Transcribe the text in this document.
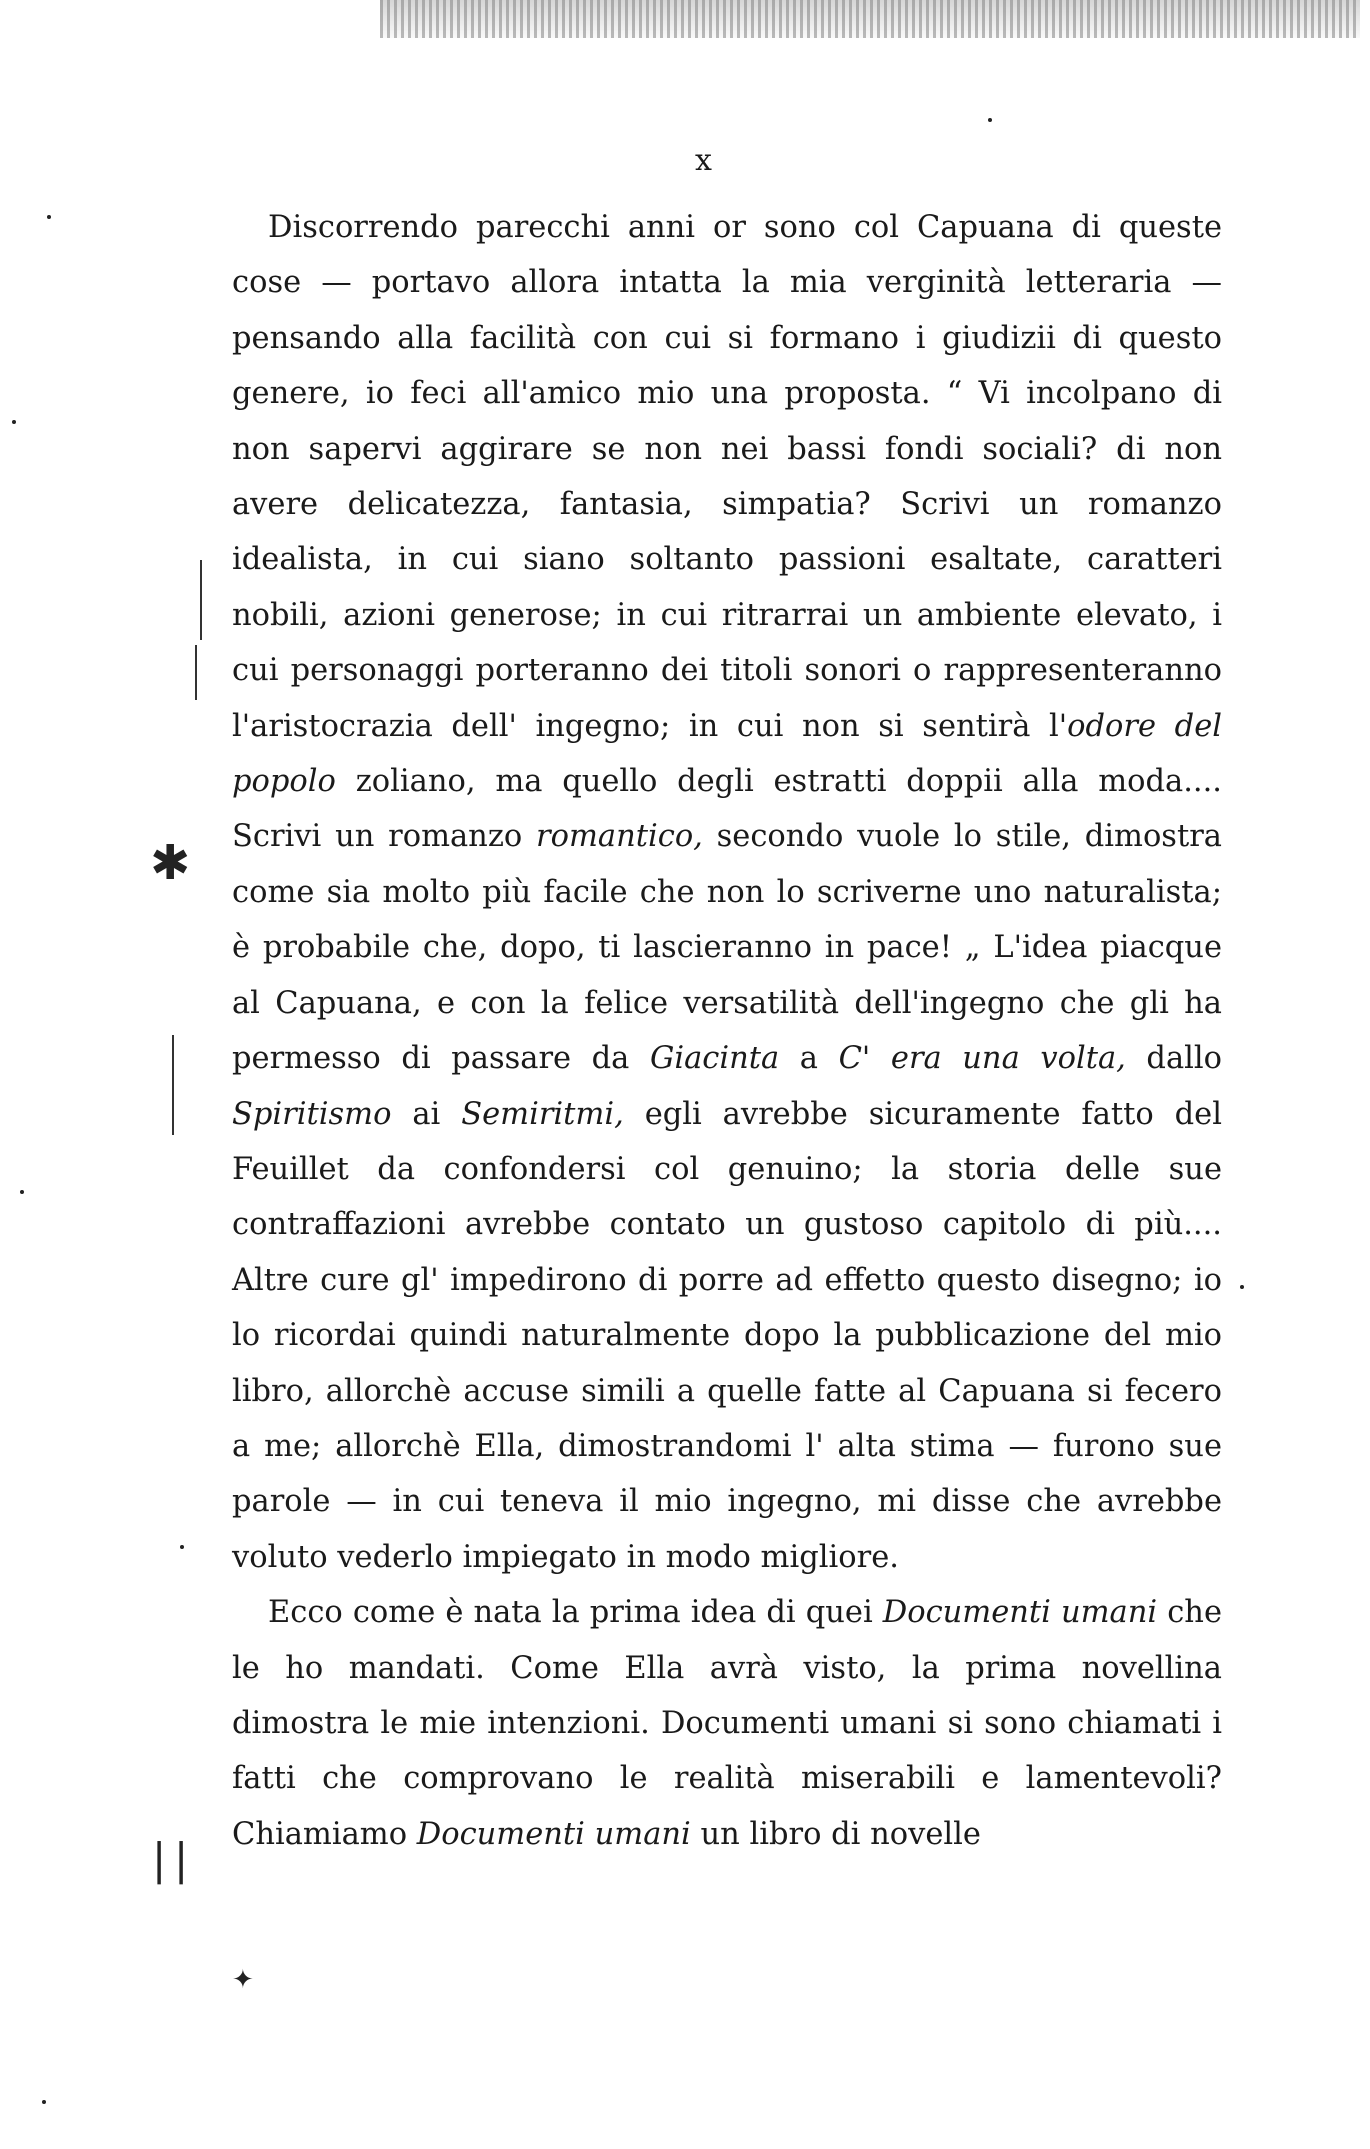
x

Discorrendo parecchi anni or sono col Capuana di queste cose — portavo allora intatta la mia verginità letteraria — pensando alla facilità con cui si formano i giudizii di questo genere, io feci all'amico mio una proposta. “ Vi incolpano di non sapervi aggirare se non nei bassi fondi sociali? di non avere delicatezza, fantasia, simpatia? Scrivi un romanzo idealista, in cui siano soltanto passioni esaltate, caratteri nobili, azioni generose; in cui ritrarrai un ambiente elevato, i cui personaggi porteranno dei titoli sonori o rappresenteranno l'aristocrazia dell' ingegno; in cui non si sentirà l'odore del popolo zoliano, ma quello degli estratti doppii alla moda.... Scrivi un romanzo romantico, secondo vuole lo stile, dimostra come sia molto più facile che non lo scriverne uno naturalista; è probabile che, dopo, ti lascieranno in pace! „ L'idea piacque al Capuana, e con la felice versatilità dell'ingegno che gli ha permesso di passare da Giacinta a C' era una volta, dallo Spiritismo ai Semiritmi, egli avrebbe sicuramente fatto del Feuillet da confondersi col genuino; la storia delle sue contraffazioni avrebbe contato un gustoso capitolo di più.... Altre cure gl' impedirono di porre ad effetto questo disegno; io lo ricordai quindi naturalmente dopo la pubblicazione del mio libro, allorchè accuse simili a quelle fatte al Capuana si fecero a me; allorchè Ella, dimostrandomi l' alta stima — furono sue parole — in cui teneva il mio ingegno, mi disse che avrebbe voluto vederlo impiegato in modo migliore.

Ecco come è nata la prima idea di quei Documenti umani che le ho mandati. Come Ella avrà visto, la prima novellina dimostra le mie intenzioni. Documenti umani si sono chiamati i fatti che comprovano le realità miserabili e lamentevoli? Chiamiamo Documenti umani un libro di novelle

✱
✦
∣∣
